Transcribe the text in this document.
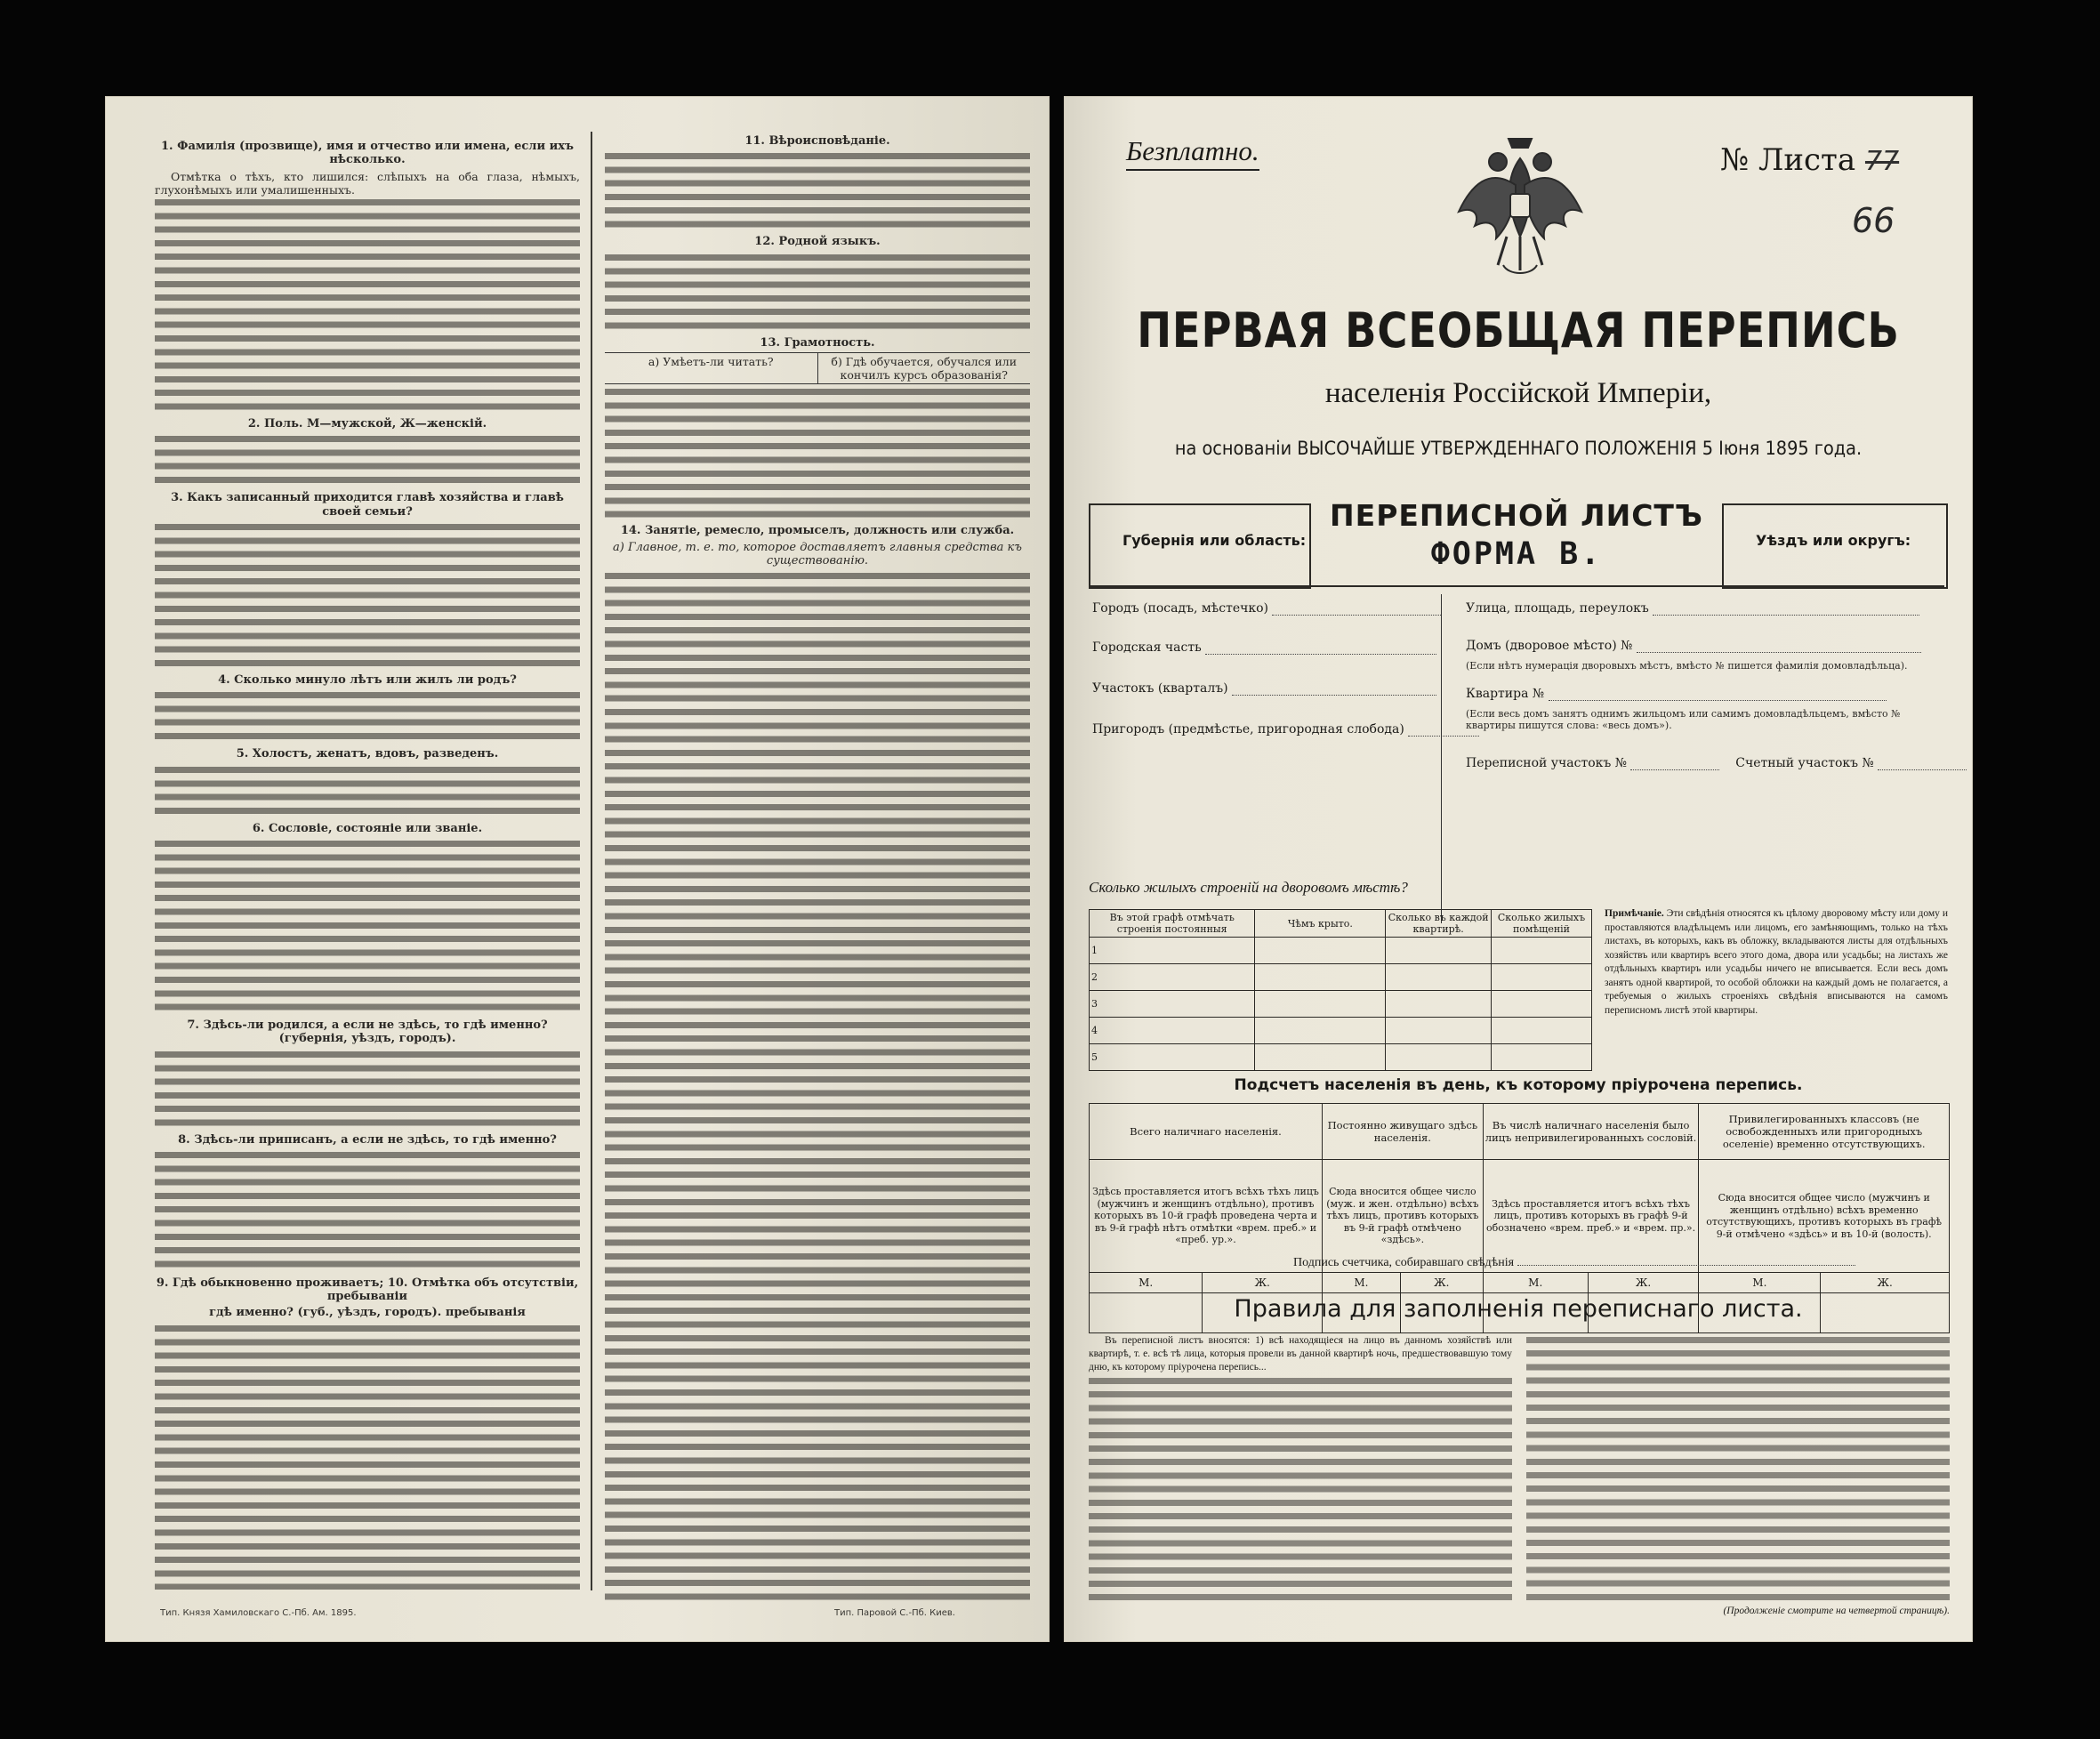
1. Фамилія (прозвище), имя и отчество или имена, если ихъ нѣсколько.

Отмѣтка о тѣхъ, кто лишился: слѣпыхъ на оба глаза, нѣмыхъ, глухонѣмыхъ или умалишенныхъ.

2. Поль. М—мужской, Ж—женскій.
3. Какъ записанный приходится главѣ хозяйства и главѣ своей семьи?
4. Сколько минуло лѣтъ или жилъ ли родъ?
5. Холостъ, женатъ, вдовъ, разведенъ.
6. Сословіе, состояніе или званіе.
7. Здѣсь-ли родился, а если не здѣсь, то гдѣ именно? (губернія, уѣздъ, городъ).
8. Здѣсь-ли приписанъ, а если не здѣсь, то гдѣ именно?
9. Гдѣ обыкновенно проживаетъ; 10. Отмѣтка объ отсутствіи, пребываніи
гдѣ именно? (губ., уѣздъ, городъ). пребыванія
11. Вѣроисповѣданіе.
12. Родной языкъ.
13. Грамотность.
а) Умѣетъ-ли читать?	б) Гдѣ обучается, обучался или кончилъ курсъ образованія?
14. Занятіе, ремесло, промыселъ, должность или служба.
а) Главное, т. е. то, которое доставляетъ главныя средства къ существованію.
Тип. Князя Хамиловскаго С.-Пб. Ам. 1895.	Тип. Паровой С.-Пб. Киев.
Безплатно.	№ Листа 77
66
ПЕРВАЯ ВСЕОБЩАЯ ПЕРЕПИСЬ
населенія Россійской Имперіи,
на основаніи ВЫСОЧАЙШЕ УТВЕРЖДЕННАГО ПОЛОЖЕНІЯ 5 Іюня 1895 года.
Губернія или область:
ПЕРЕПИСНОЙ ЛИСТЪ
ФОРМА В.	Уѣздъ или округъ:
Городъ (посадъ, мѣстечко)
Городская часть
Участокъ (кварталъ)
Пригородъ (предмѣстье, пригородная слобода)
Улица, площадь, переулокъ
Домъ (дворовое мѣсто) №
(Если нѣтъ нумерація дворовыхъ мѣстъ, вмѣсто № пишется фамилія домовладѣльца).
Квартира №
(Если весь домъ занятъ однимъ жильцомъ или самимъ домовладѣльцемъ, вмѣсто № квартиры пишутся слова: «весь домъ»).
Переписной участокъ №	Счетный участокъ №
Сколько жилыхъ строеній на дворовомъ мѣстѣ?
Въ этой графѣ отмѣчать строенія постоянныя	Чѣмъ крыто.	Сколько въ каждой квартирѣ.	Сколько жилыхъ помѣщеній
1			
2			
3			
4			
5			
Примѣчаніе. Эти свѣдѣнія относятся къ цѣлому дворовому мѣсту или дому и проставляются владѣльцемъ или лицомъ, его замѣняющимъ, только на тѣхъ листахъ, въ которыхъ, какъ въ обложку, вкладываются листы для отдѣльныхъ хозяйствъ или квартиръ всего этого дома, двора или усадьбы; на листахъ же отдѣльныхъ квартиръ или усадьбы ничего не вписывается. Если весь домъ занятъ одной квартирой, то особой обложки на каждый домъ не полагается, а требуемыя о жилыхъ строеніяхъ свѣдѣнія вписываются на самомъ переписномъ листѣ этой квартиры.
Подсчетъ населенія въ день, къ которому пріурочена перепись.
Всего наличнаго населенія.		Постоянно живущаго здѣсь населенія.		Въ числѣ наличнаго населенія было лицъ непривилегированныхъ сословій.		Привилегированныхъ классовъ (не освобожденныхъ или пригородныхъ оселеніе) временно отсутствующихъ.	
Здѣсь проставляется итогъ всѣхъ тѣхъ лицъ (мужчинъ и женщинъ отдѣльно), противъ которыхъ въ 10-й графѣ проведена черта и въ 9-й графѣ нѣтъ отмѣтки «врем. преб.» и «преб. ур.».		Сюда вносится общее число (муж. и жен. отдѣльно) всѣхъ тѣхъ лицъ, противъ которыхъ въ 9-й графѣ отмѣчено «здѣсь».		Здѣсь проставляется итогъ всѣхъ тѣхъ лицъ, противъ которыхъ въ графѣ 9-й обозначено «врем. преб.» и «врем. пр.».		Сюда вносится общее число (мужчинъ и женщинъ отдѣльно) всѣхъ временно отсутствующихъ, противъ которыхъ въ графѣ 9-й отмѣчено «здѣсь» и въ 10-й (волость).	
М.	Ж.	М.	Ж.	М.	Ж.	М.	Ж.

Подпись счетчика, собиравшаго свѣдѣнія
Правила для заполненія переписнаго листа.

Въ переписной листъ вносятся: 1) всѣ находящіеся на лицо въ данномъ хозяйствѣ или квартирѣ, т. е. всѣ тѣ лица, которыя провели въ данной квартирѣ ночь, предшествовавшую тому дню, къ которому пріурочена перепись...

(Продолженіе смотрите на четвертой страницѣ).
